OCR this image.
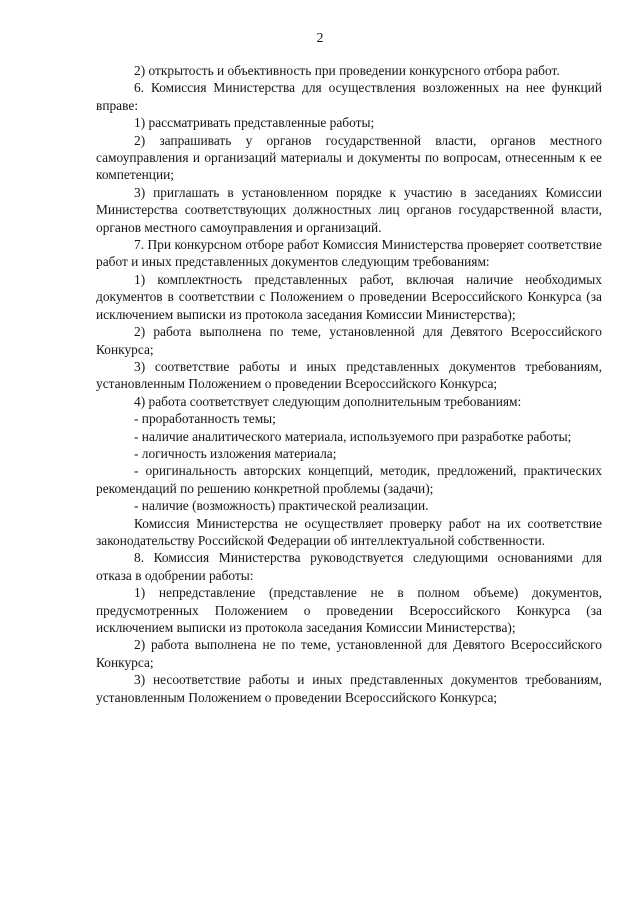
2

2) открытость и объективность при проведении конкурсного отбора работ.

6. Комиссия Министерства для осуществления возложенных на нее функций вправе:

1) рассматривать представленные работы;

2) запрашивать у органов государственной власти, органов местного самоуправления и организаций материалы и документы по вопросам, отнесенным к ее компетенции;

3) приглашать в установленном порядке к участию в заседаниях Комиссии Министерства соответствующих должностных лиц органов государственной власти, органов местного самоуправления и организаций.

7. При конкурсном отборе работ Комиссия Министерства проверяет соответствие работ и иных представленных документов следующим требованиям:

1) комплектность представленных работ, включая наличие необходимых документов в соответствии с Положением о проведении Всероссийского Конкурса (за исключением выписки из протокола заседания Комиссии Министерства);

2) работа выполнена по теме, установленной для Девятого Всероссийского Конкурса;

3) соответствие работы и иных представленных документов требованиям, установленным Положением о проведении Всероссийского Конкурса;

4) работа соответствует следующим дополнительным требованиям:

- проработанность темы;

- наличие аналитического материала, используемого при разработке работы;

- логичность изложения материала;

- оригинальность авторских концепций, методик, предложений, практических рекомендаций по решению конкретной проблемы (задачи);

- наличие (возможность) практической реализации.

Комиссия Министерства не осуществляет проверку работ на их соответствие законодательству Российской Федерации об интеллектуальной собственности.

8. Комиссия Министерства руководствуется следующими основаниями для отказа в одобрении работы:

1) непредставление (представление не в полном объеме) документов, предусмотренных Положением о проведении Всероссийского Конкурса (за исключением выписки из протокола заседания Комиссии Министерства);

2) работа выполнена не по теме, установленной для Девятого Всероссийского Конкурса;

3) несоответствие работы и иных представленных документов требованиям, установленным Положением о проведении Всероссийского Конкурса;
